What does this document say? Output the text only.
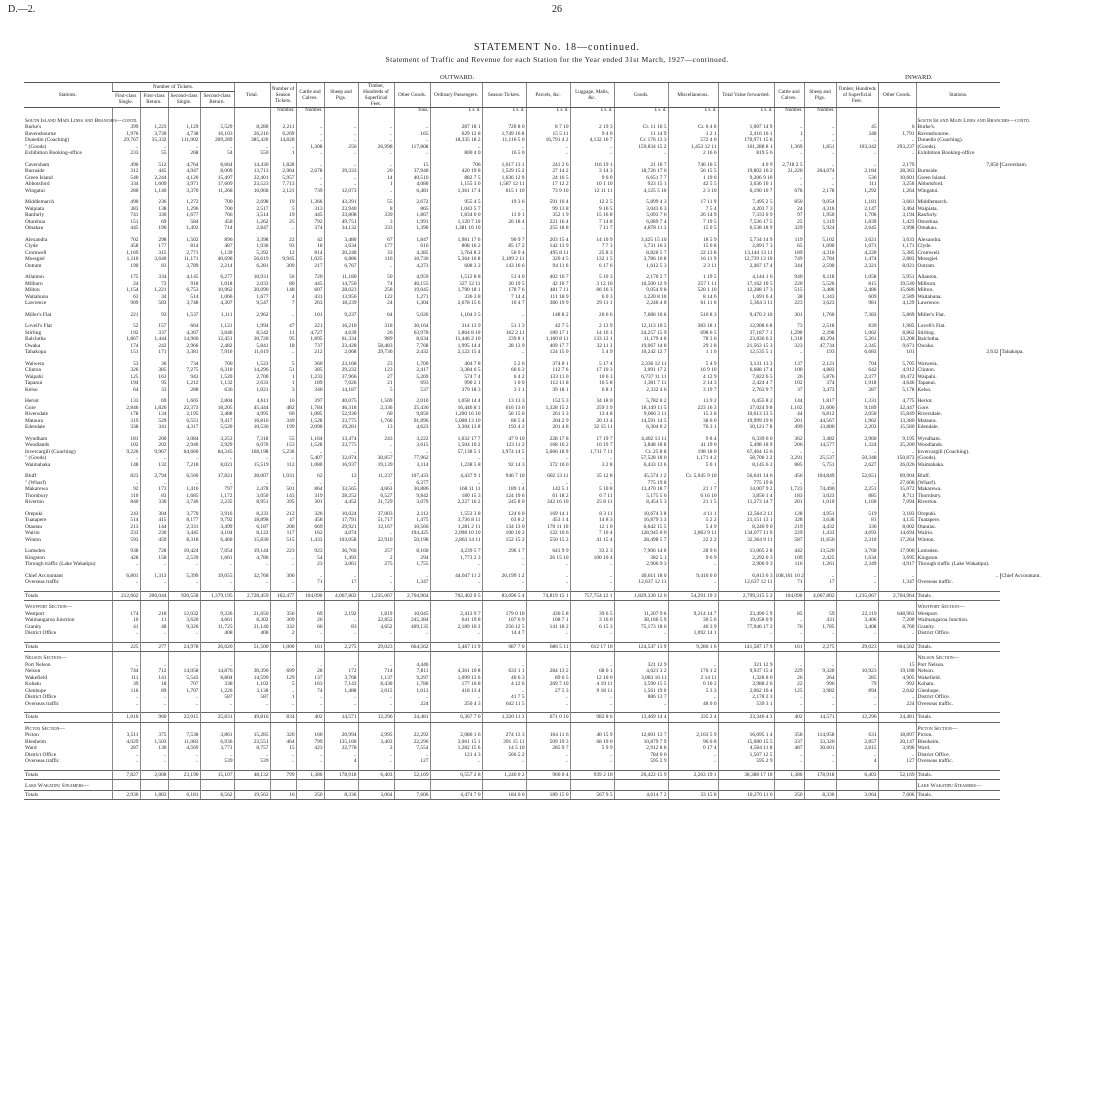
D.—2.	26
STATEMENT No. 18—continued.
Statement of Traffic and Revenue for each Station for the Year ended 31st March, 1927—continued.
OUTWARD.	INWARD.
Stations.	Number of Tickets.				Total.	Number of Season Tickets.	Cattle and Calves.	Sheep and Pigs.	Timber, Hundreds of Superficial Feet.	Other Goods.	Ordinary Passengers.	Season Tickets.	Parcels, &c.	Luggage, Mails, &c.	Goods.	Miscellaneous.	Total Value forwarded.	Cattle and Calves.	Sheep and Pigs.	Timber, Hundreds of Superficial Feet.	Other Goods.	Stations.	
	First-class Single.	First-class Return.	Second-class Single.	Second-class Return.																			
						Number.	Number.			Tons.	£ s. d.	£ s. d.	£ s. d.	£ s. d.	£ s. d.	£ s. d.	£ s. d.	Number.	Number.				
South Island Main Lines and Branches—contd.																						South Island Main Lines and Branches—contd.	
Burke's	399	1,223	1,129	5,529	8,280	2,211	..	..	..	..	287 18 1	720 8 0	8 7 10	2 19 3	Cr. 11 16 5	Cr. 0 4 0	1,007 14 9	..	..	45	6	Burke's.	
Ravensbourne	1,976	3,730	4,738	16,103	26,216	6,269	..	..	..	165	629 12 8	1,749 16 8	15 5 11	9 4 0	11 14 9	1 2 1	2,416 16 1	1	..	348	1,791	Ravensbourne.	
Dunedin (Coaching)	29,767	35,332	111,002	209,289	385,420	14,828	..	..	..	..	18,335 18 2	11,116 5 0	16,791 4 2	4,132 16 7	Cr. 176 13 3	572 4 0	170,971 15 6	..	..	..	..	Dunedin (Coaching).	
" (Goods)	..	..	..	..	..	..	1,308	256	26,998	117,808	..	..	..	..	159,834 15 2	1,453 12 11	161,288 8 1	1,369	1,851	103,342	293,237	(Goods).	
Exhibition Booking-office	233	55	268	54	550	1	..	..	..	..	800 4 0	16 5 0	..	..	..	2 16 6	819 5 6	..	..	..	..	Exhibition Booking-office	

Caversham	496	512	4,764	8,664	14,436	1,828	..	..	..	15	706	1,617 13 1	241 2 6	116 19 1	21 10 7	746 16 5	4 0 9	2,718 2 5	..	..	2,179	7,850	Caversham.
Burnside	312	445	4,947	8,009	13,713	2,964	2,678	39,333	20	37,948	420 19 8	1,529 15 2	27 14 2	3 14 3	18,726 17 6	56 15 5	19,802 16 2	21,220	204,074	2,184	28,363	Burnside.	
Green Island	540	2,244	4,120	15,497	22,401	5,957	..	..	14	40,516	882 7 5	1,636 12 9	24 16 5	9 6 0	6,651 7 7	1 19 6	9,206 9 10	..	..	536	10,601	Green Island.	
Abbotsford	334	1,609	3,971	17,609	23,523	7,713	..	..	1	4,080	1,155 3 0	1,587 12 11	17 12 2	10 1 10	923 15 1	42 5 5	3,636 10 1	..	..	111	3,256	Abbotsford.	
Wingatui	280	1,140	3,370	11,268	16,068	2,121	739	12,073	..	6,481	1,361 17 4	615 1 10	73 9 10	12 11 11	4,125 5 10	2 3 10	6,190 10 7	678	2,178	1,292	1,264	Wingatui.	

Middlemarch	490	236	1,272	700	2,698	19	1,366	43,391	55	2,672	955 4 5	19 3 6	591 16 4	12 2 5	5,899 4 3	17 11 9	7,495 2 5	850	9,054	1,181	3,661	Middlemarch.	
Waipiata	383	138	1,296	700	2,517	5	313	23,940	8	865	1,043 5 7	..	99 13 8	9 16 5	3,043 6 3	7 5 4	4,203 7 3	24	4,316	2,147	3,464	Waipiata.	
Ranfurly	741	330	1,677	766	3,514	19	445	33,808	339	1,867	1,834 0 0	11 0 1	352 1 9	15 16 8	5,093 7 6	26 14 9	7,333 0 9	97	1,950	1,706	3,194	Ranfurly.	
Oturehua	151	69	584	458	1,262	25	792	49,751	3	1,991	1,120 7 10	26 18 4	221 16 4	7 14 8	6,089 7 4	7 19 5	7,536 17 5	25	1,119	1,839	1,423	Oturehua.	
Omakau	445	196	1,492	714	2,847	..	374	34,132	333	1,390	1,381 16 10	..	255 18 8	7 11 7	4,878 11 3	15 0 5	6,538 18 9	329	5,924	2,645	3,998	Omakau.	

Alexandra	702	298	1,502	896	3,398	22	42	3,480	67	1,847	1,981 17 6	90 9 7	203 15 4	14 10 9	3,425 15 10	18 5 9	5,734 14 9	119	5,102	3,621	3,633	Alexandra.	
Clyde	458	177	814	487	1,936	93	18	3,634	177	616	808 16 2	85 17 2	142 13 9	7 7 3	1,731 16 3	15 6 8	2,891 7 3	65	1,090	1,671	1,171	Clyde.	
Cromwell	1,169	315	2,771	1,139	5,392	12	814	20,248	33	4,385	3,764 8 2	56 9 4	495 8 11	25 8 3	8,820 5 7	22 13 8	13,144 13 11	189	4,316	4,220	5,385	Cromwell.	
Mossgiel	1,110	3,640	11,171	40,698	56,619	9,945	1,025	6,886	116	10,736	5,364 16 8	3,109 2 11	320 4 5	132 1 5	3,786 16 8	16 11 9	12,739 13 10	749	2,784	1,474	2,883	Mossgiel.	
Outram	190	83	3,789	2,214	6,281	309	217	6,767	..	4,273	608 3 2	143 16 6	94 11 6	6 17 6	1,612 5 3	2 3 11	2,467 17 4	344	2,590	2,321	8,021	Outram.	

Allanton	175	334	4,145	6,277	10,931	56	720	11,180	50	4,959	1,512 8 8	51 4 0	402 16 7	5 10 3	2,170 2 7	1 19 5	4,144 1 6	940	6,118	1,058	5,951	Allanton.	
Milburn	24	73	918	1,018	2,033	80	445	14,750	74	46,155	327 12 11	30 19 5	42 10 7	3 12 10	16,500 12 9	257 1 11	17,162 10 5	220	5,526	815	19,540	Milburn.	
Milton	1,154	1,221	6,753	10,962	20,090	148	607	28,023	258	19,045	1,790 18 1	178 7 6	481 7 11	66 16 3	9,054 9 8	520 1 10	12,288 17 3	515	3,486	2,486	15,686	Milton.	
Waitahuna	63	34	514	1,066	1,677	4	431	13,956	122	1,271	336 3 8	7 14 4	111 18 9	6 0 3	1,220 8 10	8 14 6	1,691 6 4	38	1,343	609	2,589	Waitahuna.	
Lawrence	909	583	3,748	4,307	9,547	7	263	18,239	24	1,304	2,678 15 6	16 4 7	380 19 9	29 11 1	2,246 4 8	61 11 6	5,364 3 11	223	3,623	981	4,129	Lawrence.	

Miller's Flat	221	93	1,537	1,111	2,962	..	101	9,237	64	5,026	1,104 3 5	..	148 8 2	20 6 6	7,686 16 6	510 8 3	9,470 2 10	301	1,760	7,383	5,869	Miller's Flat.	

Lovell's Flat	52	157	664	1,121	1,994	47	221	16,210	318	30,164	314 13 9	51 1 3	42 7 5	2 13 9	12,113 10 5	383 18 1	12,908 6 8	73	2,518	839	1,985	Lovell's Flat.	
Stirling	192	337	4,367	3,646	8,542	11	4,727	4,639	26	63,978	1,864 8 10	162 2 11	189 17 1	14 16 1	34,257 15 9	698 6 5	37,187 7 1	1,290	2,398	1,062	8,862	Stirling.	
Balclutha	1,867	1,444	14,966	12,451	30,728	95	1,895	61,334	989	8,634	11,446 2 10	239 8 1	1,160 8 11	133 12 1	11,179 4 0	78 3 6	23,836 6 2	1,318	40,294	5,261	13,208	Balclutha.	
Owaka	174	242	2,966	2,482	5,841	18	737	23,428	58,483	7,768	1,995 14 4	28 13 9	409 17 7	32 11 3	19,067 14 8	29 3 8	21,563 15 3	323	47,734	2,345	9,671	Owaka.	
Tahakopa	151	171	3,381	7,916	11,619	..	212	2,068	29,736	2,432	2,122 15 4	..	124 15 0	5 4 9	10,242 12 7	1 1 0	12,535 5 1	..	193	6,683	101	2,632	Tahakopa.

Waiwera	53	36	734	700	1,523	5	360	23,168	23	1,700	404 7 8	5 2 6	374 8 1	5 17 4	2,336 12 11	5 4 9	3,131 13 3	137	2,121	704	5,705	Waiwera.	
Clinton	326	385	7,275	6,310	14,296	51	385	29,232	123	2,417	3,384 6 5	66 6 2	112 7 6	17 10 3	3,091 17 2	16 9 10	6,688 17 4	100	4,883	642	4,912	Clinton.	
Waipahi	125	163	943	1,520	2,700	1	1,233	37,966	27	5,269	574 7 4	6 4 2	133 11 0	10 6 3	6,737 11 11	4 12 9	7,822 6 5	26	5,876	2,377	10,472	Waipahi.	
Tapanui	194	95	1,212	1,132	2,633	1	189	7,026	21	693	990 2 1	1 0 0	112 11 8	16 5 8	1,301 7 11	2 14 3	2,424 4 7	102	374	1,918	4,646	Tapanui.	
Kelso	64	33	288	636	1,021	3	340	14,187	5	537	379 18 3	3 1 1	39 18 1	6 8 1	2,332 4 6	3 19 7	2,763 9 7	37	3,473	287	5,178	Kelso.	

Heriot	133	69	1,605	2,804	4,611	16	397	40,075	1,569	2,010	1,058 14 4	13 13 3	152 5 3	34 18 0	5,782 8 2	13 9 2	6,455 8 2	144	1,817	1,331	4,775	Heriot.	
Gore	2,846	1,826	22,373	18,205	45,444	482	1,784	46,318	2,336	25,436	16,446 8 1	616 13 0	1,328 15 2	259 3 9	18,149 11 5	223 16 3	37,024 9 8	1,162	21,606	9,189	32,447	Gore.	
Riversdale	178	134	2,195	2,488	4,995	66	1,085	52,930	60	9,850	1,200 16 10	56 15 0	261 3 3	13 4 8	9,066 3 11	15 3 8	10,613 13 5	44	6,812	2,050	15,849	Riversdale.	
Mataura	319	529	6,551	9,417	16,816	349	1,528	23,775	1,766	91,896	5,008 13 10	86 5 4	204 2 9	20 13 4	14,591 14 5	38 6 0	19,999 19 8	201	44,567	1,962	13,380	Mataura.	
Edendale	338	341	4,317	5,520	10,536	199	2,090	19,281	13	4,623	3,304 13 8	193 4 2	201 4 8	32 15 11	6,304 0 2	76 3 1	10,121 7 8	499	13,880	2,203	15,580	Edendale.	

Wyndham	181	200	3,084	3,253	7,318	55	1,164	13,474	243	3,222	1,632 17 7	47 9 10	228 17 8	17 19 7	4,402 13 11	9 8 4	6,339 6 0	362	3,482	2,960	9,195	Wyndham.	
Woodlands	102	202	2,940	2,929	6,070	153	1,528	23,775	..	3,615	1,504 10 2	123 11 2	168 16 2	10 19 7	3,848 18 8	41 19 0	5,498 18 9	206	14,577	1,324	25,200	Woodlands.	
Invercargill (Coaching)	9,226	9,967	64,660	84,345	168,198	5,236	..	..	..	..	57,138 5 1	3,974 14 5	5,066 18 9	1,711 7 11	Cr. 25 8 8	198 18 0	67,464 15 6	..	..	..	..	Invercargill (Coaching).	
" (Goods)	..	..	..	..	..	..	5,407	32,074	30,857	77,962	..	..	..	..	57,528 18 0	1,171 4 2	58,700 2 2	3,291	25,537	50,348	150,873	(Goods).	
Waimahaka	148	132	7,218	8,021	15,519	112	1,080	16,937	19,139	3,114	1,238 5 8	92 14 3	372 10 0	3 2 8	6,433 13 6	5 0 1	8,145 6 2	885	5,751	2,627	26,026	Waimahaka.	

Bluff	823	2,794	6,560	17,821	28,007	1,031	62	12	11,237	107,433	4,437 9 1	946 7 10	602 13 11	35 12 8	45,574 1 2	Cr. 5,045 9 10	56,641 14 6	456	104,849	52,651	69,904	Bluff.	
" (Wharf)	..	..	..	..	..	..	..	..	..	6,377	..	..	..	..	775 19 8	..	775 19 8	..	..	..	27,608	(Wharf).	
Makarewa	92	173	1,416	797	2,478	501	864	33,565	4,663	30,886	168 11 11	189 1 4	142 5 1	5 10 8	13,470 18 7	21 1 7	14,007 9 2	1,723	74,490	2,251	15,072	Makarewa.	
Thornbury	110	83	1,685	1,172	3,050	143	319	28,252	6,527	9,842	180 15 3	124 19 6	61 18 2	6 7 11	5,175 5 6	6 16 10	3,856 1 4	183	3,023	885	8,711	Thornbury.	
Riverton	840	330	3,746	2,235	8,951	395	301	4,452	31,729	3,079	2,227 16 2	245 8 0	342 16 10	25 8 11	8,454 5 3	21 1 5	11,273 14 7	201	1,010	1,160	7,094	Riverton.	

Orepuki	243	304	3,770	3,916	8,233	212	326	10,024	37,003	2,112	1,553 3 8	124 6 0	169 14 1	8 3 11	10,674 3 8	4 11 1	12,564 2 11	128	4,951	519	3,183	Orepuki.	
Tuatapere	514	415	8,177	9,792	18,898	47	458	17,791	51,717	1,475	3,736 8 11	63 8 2	453 1 4	14 8 3	16,879 3 3	5 2 2	21,151 13 1	328	3,638	81	4,135	Tuatapere.	
Otautau	213	144	2,331	3,499	6,187	208	669	29,921	12,167	10,566	1,281 2 11	134 13 0	170 11 10	12 1 0	6,642 15 5	5 4 9	8,246 9 0	219	4,432	336	8,002	Otautau.	
Wairio	233	230	3,445	4,104	8,122	117	162	4,074	..	194,425	2,098 10 10	100 10 2	122 10 6	7 10 4	128,945 0 0	2,863 9 11	134,077 11 9	229	1,433	4,693	14,694	Wairio.	
Winton	593	459	8,318	6,460	15,830	515	1,433	103,058	22,910	50,198	2,863 14 11	152 15 2	550 15 2	41 15 4	28,498 5 7	22 2 2	32,364 9 11	587	11,650	2,310	17,264	Winton.	

Lumsden	938	728	10,424	7,054	19,144	223	923	36,766	257	8,160	4,239 5 7	296 1 7	641 9 9	33 2 3	7,906 14 0	28 9 6	13,065 2 8	442	13,520	3,760	17,900	Lumsden.	
Kingston	428	158	2,539	1,661	4,786	..	54	1,493	2	294	1,773 2 3	..	26 15 10	100 10 4	382 5 1	9 6 9	2,292 0 3	109	2,425	1,634	3,695	Kingston.	
Through traffic (Lake Wakatipu)	..	..	..	..	..	..	23	3,061	275	1,755	..	..	..	..	2,906 9 3	..	2,906 9 3	116	1,261	2,349	4,917	Through traffic (Lake Wakatipu).	

Chief Accountant	6,801	1,313	5,399	19,055	32,768	306	..	..	..	..	44,047 11 2	20,199 1 2	..	..	40,611 18 0	9,410 0 0	6,813 6 3	108,161 10 2	..	..	..	..	Chief Accountant.
Overseas traffic	..	..	..	..	..	..	71	17	..	1,347	..	..	..	..	12,637 12 11	..	12,637 12 11	71	17	..	1,347	Overseas traffic.	

Totals	212,662	206,044	930,558	1,379,195	2,728,459	162,477	104,090	4,067,802	1,235,067	2,704,964	702,402 0 5	83,696 5 4	74,819 15 1	757,754 12 1	1,829,330 12 0	54,291 19 3	2,799,315 5 2	104,090	4,067,802	1,235,067	2,704,964	Totals.	
Westport Section—																						Westport Section—	
Westport	174	218	12,032	9,226	21,650	356	69	2,192	1,819	10,045	2,413 9 7	179 0 10	436 5 8	39 6 5	11,207 9 6	9,214 14 7	23,490 5 9	85	59	22,119	648,963	Westport.	
Waimangaroa Junction	10	11	3,620	4,661	8,302	309	26	..	22,852	245,384	641 19 8	107 6 9	108 7 1	3 16 0	38,166 5 9	30 5 6	39,058 0 9	..	431	3,406	7,200	Waimangaroa Junction.	
Granity	41	48	9,326	11,725	21,140	332	66	83	4,652	409,135	2,189 10 3	256 12 5	141 18 2	6 15 3	75,173 18 6	40 3 9	77,946 17 2	76	1,785	3,408	8,760	Granity.	
District Office	..	..	..	408	408	2	..	..	..	..	..	14 4 7	..	..	..	1,092 14 1	..	..	..	..	..	District Office.	

Totals	225	277	24,978	26,020	51,500	1,000	161	2,275	29,023	664,562	5,467 11 9	987 7 0	686 5 11	612 17 10	124,547 13 9	9,286 1 6	141,587 17 9	161	2,275	29,023	664,562	Totals.	
Nelson Section—																						Nelson Section—	
Port Nelson	..	..	..	..	..	..	..	..	..	4,446	..	..	..	..	321 12 9	..	321 12 9	..	..	..	15	Port Nelson.	
Nelson	744	712	14,058	14,876	30,390	699	28	172	714	7,811	4,361 10 8	633 1 1	284 13 2	68 6 1	4,621 3 2	176 1 2	9,937 15 4	229	9,320	10,923	19,188	Nelson.	
Wakefield	111	141	5,543	8,804	14,599	129	137	3,768	1,137	9,297	1,099 13 6	40 6 3	89 6 5	12 10 0	3,083 16 11	2 14 11	1,328 8 0	26	264	285	4,905	Wakefield.	
Kohatu	39	18	707	338	1,102	5	163	7,143	8,430	1,780	177 16 8	4 12 6	269 7 10	4 19 11	3,590 15 5	0 10 2	3,988 2 6	22	996	79	992	Kohatu.	
Glenhope	116	89	1,707	1,226	3,138	..	74	1,488	2,015	1,013	418 13 4	..	27 5 3	9 18 11	1,561 19 0	5 3 3	2,062 16 4	125	3,982	894	2,642	Glenhope.	
District Office	..	..	..	587	587	1	..	..	..	..	..	41 7 5	..	..	886 13 7	..	2,178 2 3	..	..	..	..	District Office.	
Overseas traffic	..	..	..	..	..	..	..	..	..	224	250 4 3	642 11 5	..	..	..	48 0 0	539 3 1	..	..	..	224	Overseas traffic.	

Totals	1,010	960	22,015	25,831	49,816	834	402	14,571	12,296	24,481	6,367 7 0	1,320 11 3	671 0 10	982 8 6	13,469 14 4	335 2 4	23,346 4 3	402	14,571	12,296	24,481	Totals.	
Picton Section—																						Picton Section—	
Picton	3,511	375	7,538	3,861	15,285	320	160	20,994	2,995	22,292	2,080 1 6	274 13 3	164 11 6	40 15 9	12,001 13 7	2,163 5 9	16,695 1 4	358	114,958	631	18,897	Picton.	
Blenheim	4,029	1,503	11,083	6,936	23,551	464	799	135,160	3,403	22,296	3,061 15 1	391 15 11	509 19 3	68 19 0	10,879 7 9	96 0 8	15,080 15 5	337	33,320	2,857	20,147	Blenheim.	
Ward	287	130	4,569	3,771	8,757	15	423	22,778	2	7,554	1,282 15 6	14 5 10	285 9 7	5 9 9	2,912 8 8	0 17 4	4,504 11 8	487	30,601	2,815	3,996	Ward.	
District Office	..	..	..	..	..	..	..	..	..	..	121 4 3	566 5 2	..	..	784 0 0	..	1,507 12 5	..	..	..	..	District Office.	
Overseas traffic	..	..	..	539	539	..	..	4	..	127	..	..	..	..	595 2 9	..	595 2 9	..	..	4	127	Overseas traffic.	

Totals	7,827	2,008	23,190	15,107	48,132	799	1,386	178,918	6,403	52,169	6,557 2 8	1,246 0 2	960 0 4	939 2 10	26,422 15 9	2,263 19 1	38,388 17 10	1,386	178,918	6,403	52,169	Totals.	
Lake Wakatipu Steamers—																						Lake Wakatipu Steamers—	
Totals	2,936	1,883	6,181	8,562	19,562	16	250	8,336	3,064	7,606	4,474 7 0	184 0 0	189 15 0	567 9 5	4,614 7 2	33 15 8	10,270 11 0	250	8,336	3,064	7,606	Totals.	
